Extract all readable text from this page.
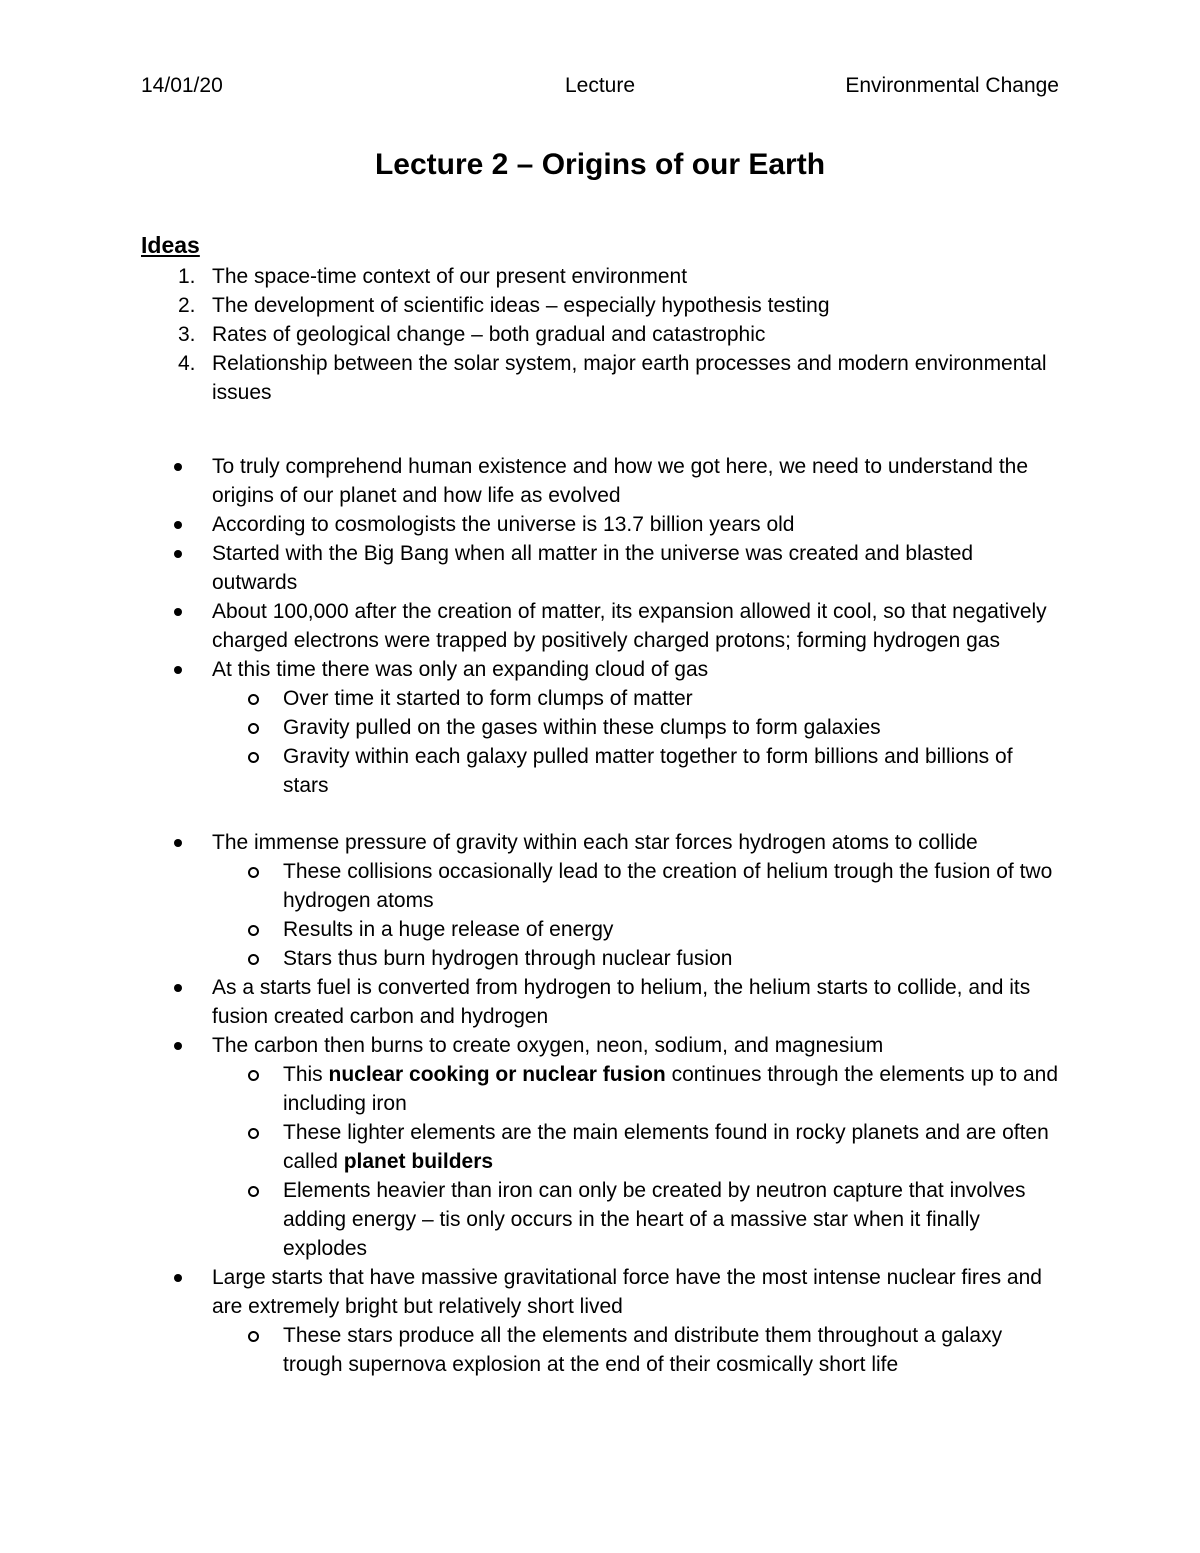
14/01/20	Lecture	Environmental Change
Lecture 2 – Origins of our Earth
Ideas
1. The space-time context of our present environment
2. The development of scientific ideas – especially hypothesis testing
3. Rates of geological change – both gradual and catastrophic
4. Relationship between the solar system, major earth processes and modern environmental issues
To truly comprehend human existence and how we got here, we need to understand the origins of our planet and how life as evolved
According to cosmologists the universe is 13.7 billion years old
Started with the Big Bang when all matter in the universe was created and blasted outwards
About 100,000 after the creation of matter, its expansion allowed it cool, so that negatively charged electrons were trapped by positively charged protons; forming hydrogen gas
At this time there was only an expanding cloud of gas
Over time it started to form clumps of matter
Gravity pulled on the gases within these clumps to form galaxies
Gravity within each galaxy pulled matter together to form billions and billions of stars
The immense pressure of gravity within each star forces hydrogen atoms to collide
These collisions occasionally lead to the creation of helium trough the fusion of two hydrogen atoms
Results in a huge release of energy
Stars thus burn hydrogen through nuclear fusion
As a starts fuel is converted from hydrogen to helium, the helium starts to collide, and its fusion created carbon and hydrogen
The carbon then burns to create oxygen, neon, sodium, and magnesium
This nuclear cooking or nuclear fusion continues through the elements up to and including iron
These lighter elements are the main elements found in rocky planets and are often called planet builders
Elements heavier than iron can only be created by neutron capture that involves adding energy – tis only occurs in the heart of a massive star when it finally explodes
Large starts that have massive gravitational force have the most intense nuclear fires and are extremely bright but relatively short lived
These stars produce all the elements and distribute them throughout a galaxy trough supernova explosion at the end of their cosmically short life
